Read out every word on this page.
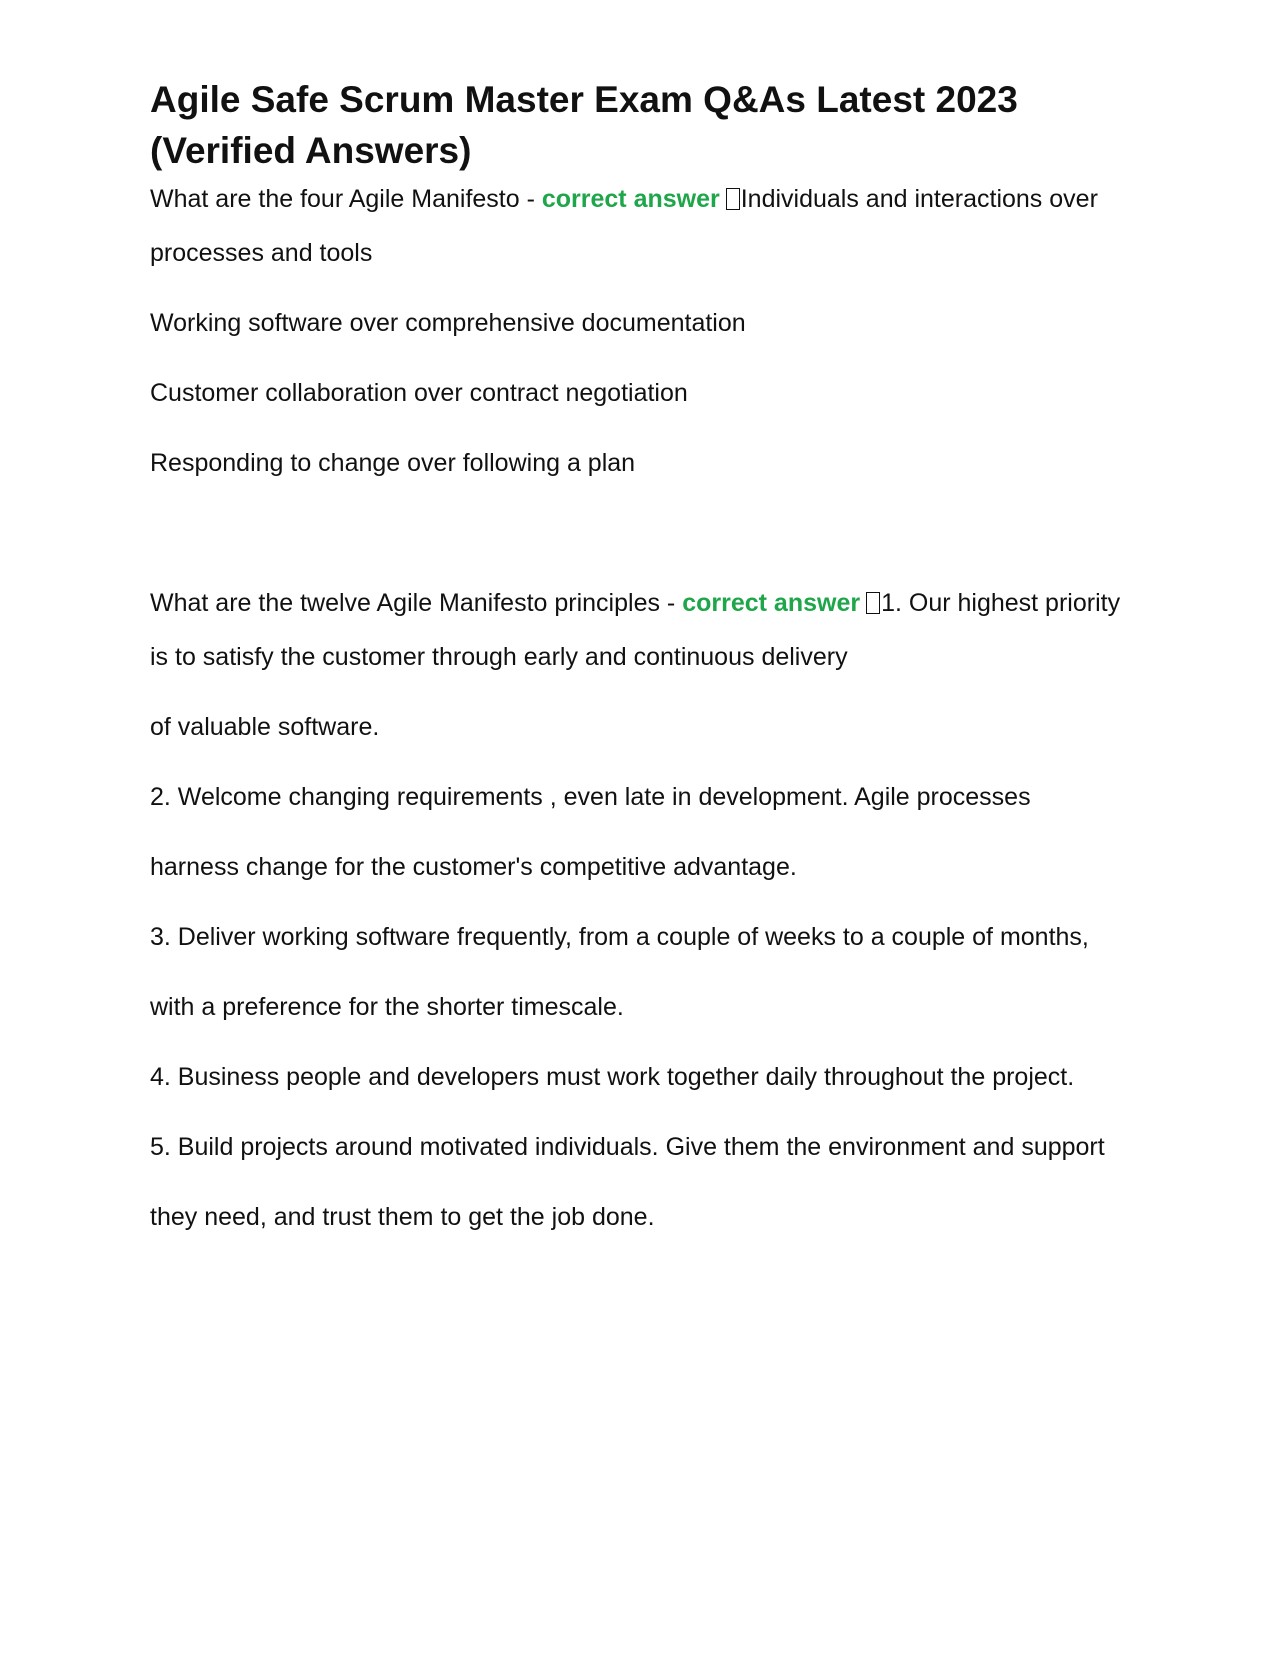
Agile Safe Scrum Master Exam Q&As Latest 2023
(Verified Answers)

What are the four Agile Manifesto - correct answer Individuals and interactions over processes and tools

Working software over comprehensive documentation

Customer collaboration over contract negotiation

Responding to change over following a plan

What are the twelve Agile Manifesto principles - correct answer 1. Our highest priority is to satisfy the customer through early and continuous delivery

of valuable software.

2. Welcome changing requirements , even late in development. Agile processes

harness change for the customer's competitive advantage.

3. Deliver working software frequently, from a couple of weeks to a couple of months,

with a preference for the shorter timescale.

4. Business people and developers must work together daily throughout the project.

5. Build projects around motivated individuals. Give them the environment and support

they need, and trust them to get the job done.
